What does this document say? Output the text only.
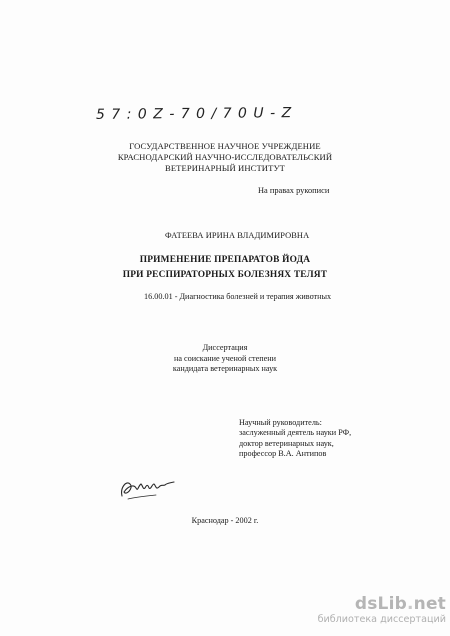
5 7 : 0 Z - 7 0 / 7 0 U - Z
ГОСУДАРСТВЕННОЕ НАУЧНОЕ УЧРЕЖДЕНИЕ
КРАСНОДАРСКИЙ НАУЧНО-ИССЛЕДОВАТЕЛЬСКИЙ
ВЕТЕРИНАРНЫЙ ИНСТИТУТ
На правах рукописи
ФАТЕЕВА ИРИНА ВЛАДИМИРОВНА
ПРИМЕНЕНИЕ ПРЕПАРАТОВ ЙОДА
ПРИ РЕСПИРАТОРНЫХ БОЛЕЗНЯХ ТЕЛЯТ
16.00.01 - Диагностика болезней и терапия животных
Диссертация
на соискание ученой степени
кандидата ветеринарных наук
Научный руководитель:
заслуженный деятель науки РФ,
доктор ветеринарных наук,
профессор В.А. Антипов
Краснодар - 2002 г.
dsLib.net
библиотека диссертаций
